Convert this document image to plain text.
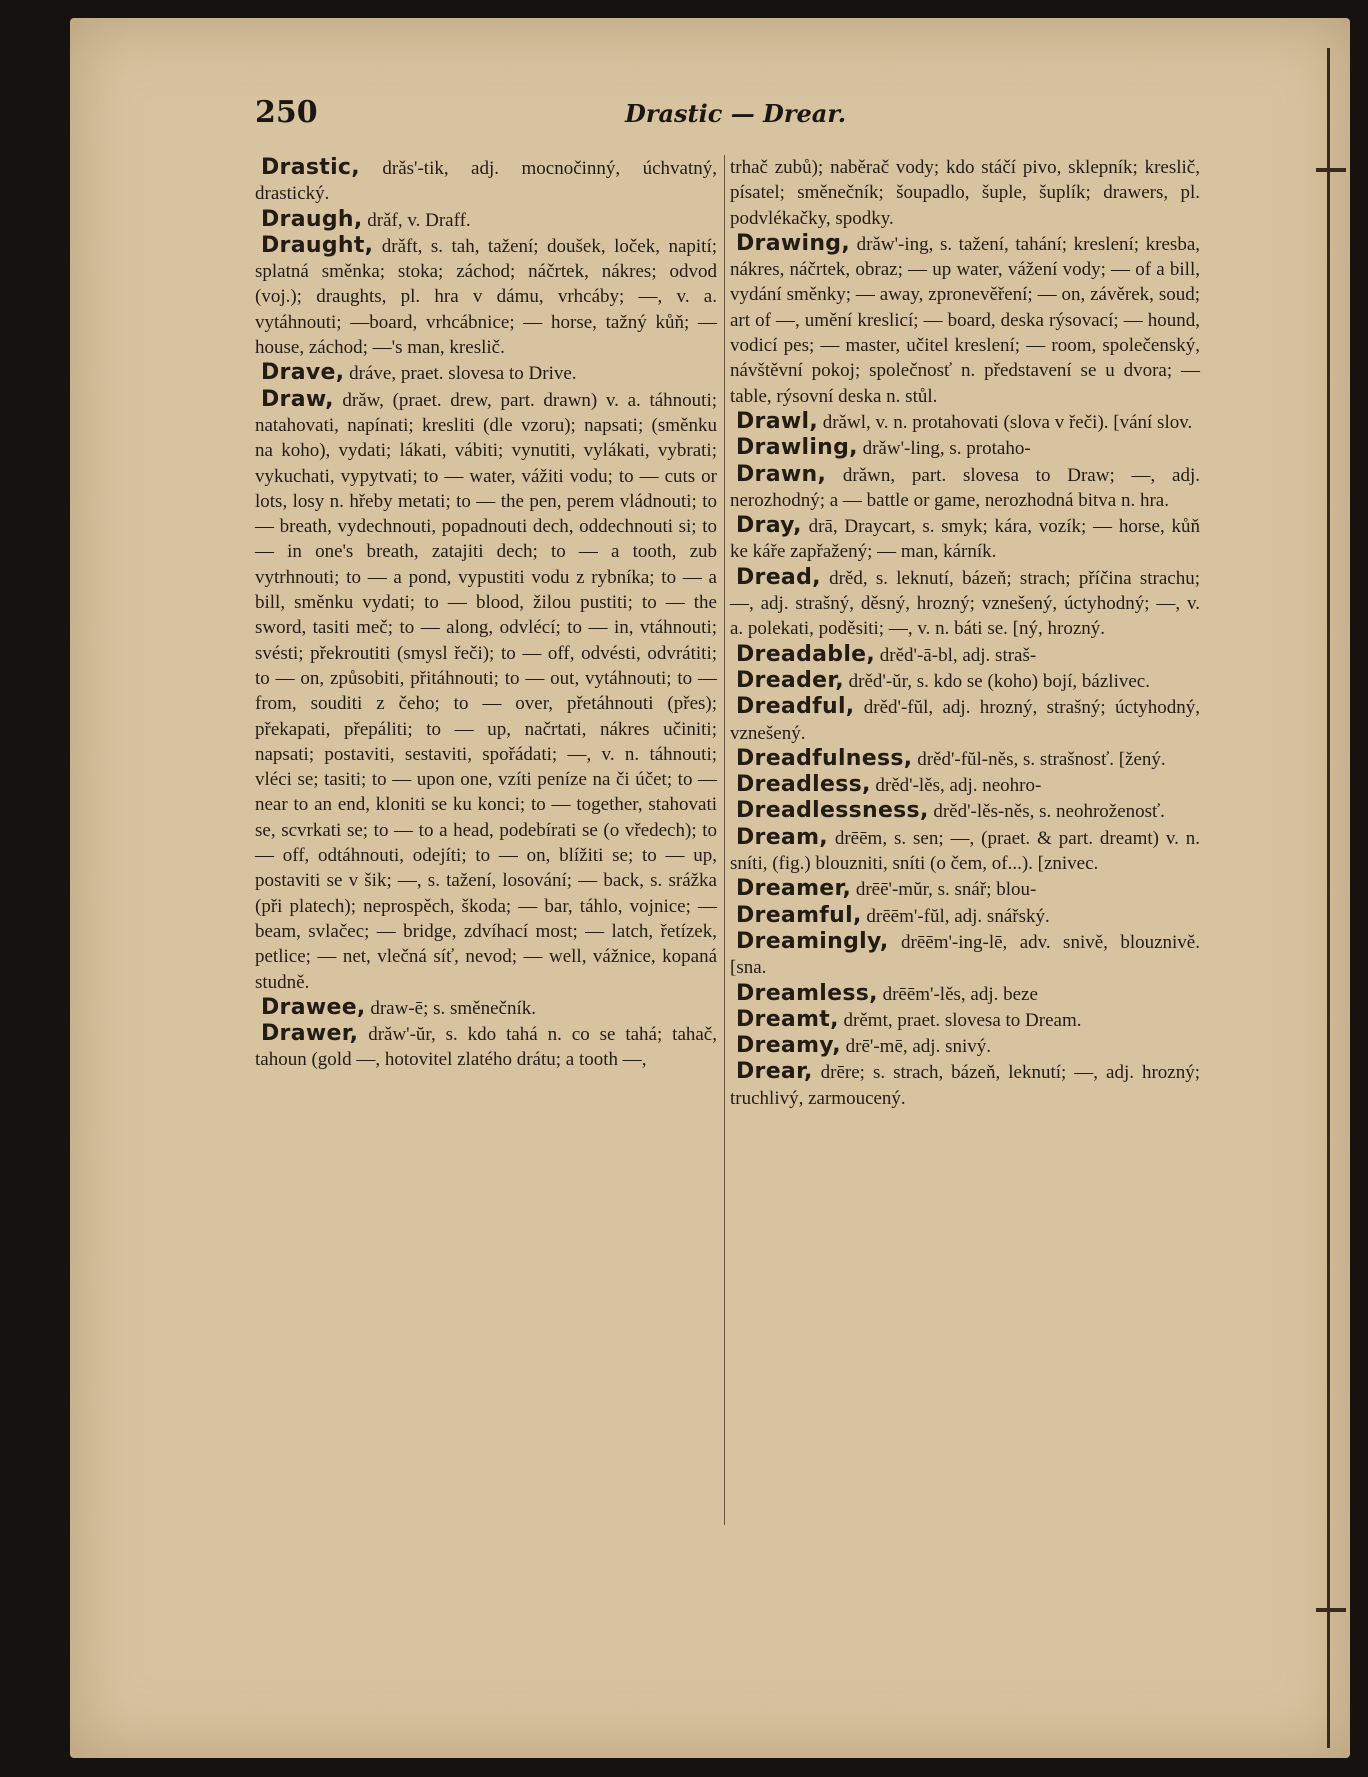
250	Drastic — Drear.

Drastic, drǎs'-tik, adj. mocnočinný, úchvatný, drastický.

Draugh, drǎf, v. Draff.

Draught, drǎft, s. tah, tažení; doušek, loček, napití; splatná směnka; stoka; záchod; náčrtek, nákres; odvod (voj.); draughts, pl. hra v dámu, vrhcáby; —, v. a. vytáhnouti; —board, vrhcábnice; — horse, tažný kůň; — house, záchod; —'s man, kreslič.

Drave, dráve, praet. slovesa to Drive.

Draw, drǎw, (praet. drew, part. drawn) v. a. táhnouti; natahovati, napínati; kresliti (dle vzoru); napsati; (směnku na koho), vydati; lákati, vábiti; vynutiti, vylákati, vybrati; vykuchati, vypytvati; to — water, vážiti vodu; to — cuts or lots, losy n. hřeby metati; to — the pen, perem vládnouti; to — breath, vydechnouti, popadnouti dech, oddechnouti si; to — in one's breath, zatajiti dech; to — a tooth, zub vytrhnouti; to — a pond, vypustiti vodu z rybníka; to — a bill, směnku vydati; to — blood, žilou pustiti; to — the sword, tasiti meč; to — along, odvlécí; to — in, vtáhnouti; svésti; překroutiti (smysl řeči); to — off, odvésti, odvrátiti; to — on, způsobiti, přitáhnouti; to — out, vytáhnouti; to — from, souditi z čeho; to — over, přetáhnouti (přes); překapati, přepáliti; to — up, načrtati, nákres učiniti; napsati; postaviti, sestaviti, spořádati; —, v. n. táhnouti; vléci se; tasiti; to — upon one, vzíti peníze na či účet; to — near to an end, kloniti se ku konci; to — together, stahovati se, scvrkati se; to — to a head, podebírati se (o vředech); to — off, odtáhnouti, odejíti; to — on, blížiti se; to — up, postaviti se v šik; —, s. tažení, losování; — back, s. srážka (při platech); neprospěch, škoda; — bar, táhlo, vojnice; — beam, svlačec; — bridge, zdvíhací most; — latch, řetízek, petlice; — net, vlečná síť, nevod; — well, vážnice, kopaná studně.

Drawee, draw-ē; s. směnečník.

Drawer, drǎw'-ŭr, s. kdo tahá n. co se tahá; tahač, tahoun (gold —, hotovitel zlatého drátu; a tooth —,

trhač zubů); naběrač vody; kdo stáčí pivo, sklepník; kreslič, písatel; směnečník; šoupadlo, šuple, šuplík; drawers, pl. podvlékačky, spodky.

Drawing, drǎw'-ing, s. tažení, tahání; kreslení; kresba, nákres, náčrtek, obraz; — up water, vážení vody; — of a bill, vydání směnky; — away, zpronevěření; — on, závěrek, soud; art of —, umění kreslicí; — board, deska rýsovací; — hound, vodicí pes; — master, učitel kreslení; — room, společenský, návštěvní pokoj; společnosť n. představení se u dvora; — table, rýsovní deska n. stůl.

Drawl, drǎwl, v. n. protahovati (slova v řeči). [vání slov.

Drawling, drǎw'-ling, s. protaho-

Drawn, drǎwn, part. slovesa to Draw; —, adj. nerozhodný; a — battle or game, nerozhodná bitva n. hra.

Dray, drā, Draycart, s. smyk; kára, vozík; — horse, kůň ke káře zapřažený; — man, kárník.

Dread, drěd, s. leknutí, bázeň; strach; příčina strachu; —, adj. strašný, děsný, hrozný; vznešený, úctyhodný; —, v. a. polekati, poděsiti; —, v. n. báti se. [ný, hrozný.

Dreadable, drěd'-ā-bl, adj. straš-

Dreader, drěd'-ŭr, s. kdo se (koho) bojí, bázlivec.

Dreadful, drěd'-fŭl, adj. hrozný, strašný; úctyhodný, vznešený.

Dreadfulness, drěd'-fŭl-něs, s. strašnosť. [žený.

Dreadless, drěd'-lěs, adj. neohro-

Dreadlessness, drěd'-lěs-něs, s. neohroženosť.

Dream, drēēm, s. sen; —, (praet. & part. dreamt) v. n. sníti, (fig.) blouzniti, sníti (o čem, of...). [znivec.

Dreamer, drēē'-mŭr, s. snář; blou-

Dreamful, drēēm'-fŭl, adj. snářský.

Dreamingly, drēēm'-ing-lē, adv. snivě, blouznivě. [sna.

Dreamless, drēēm'-lěs, adj. beze

Dreamt, drěmt, praet. slovesa to Dream.

Dreamy, drē'-mē, adj. snivý.

Drear, drēre; s. strach, bázeň, leknutí; —, adj. hrozný; truchlivý, zarmoucený.
